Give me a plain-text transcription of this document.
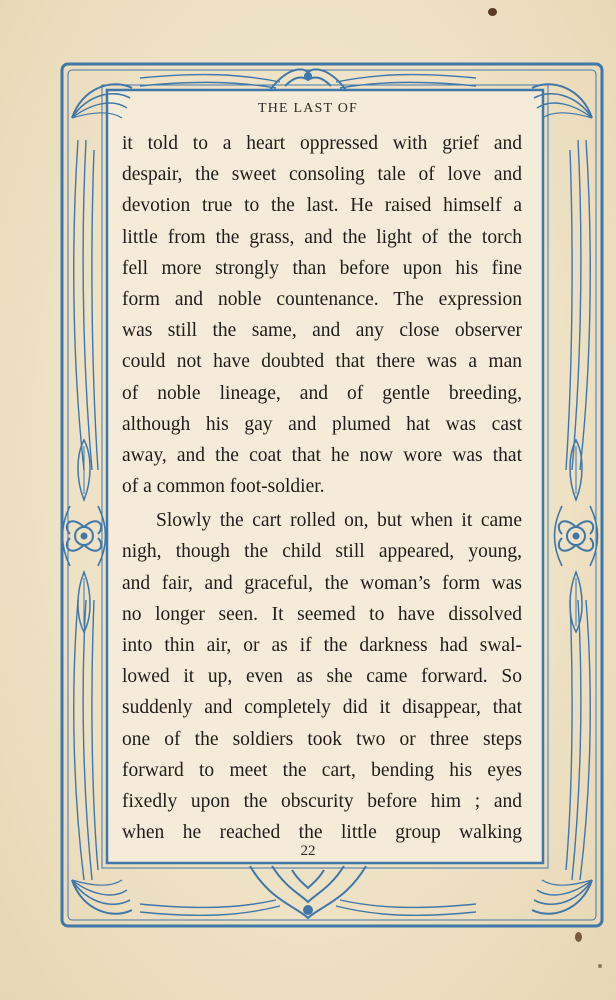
THE LAST OF
it told to a heart oppressed with grief and
despair, the sweet consoling tale of love and
devotion true to the last. He raised himself a
little from the grass, and the light of the torch
fell more strongly than before upon his fine
form and noble countenance. The expression
was still the same, and any close observer
could not have doubted that there was a man
of noble lineage, and of gentle breeding,
although his gay and plumed hat was cast
away, and the coat that he now wore was that
of a common foot-soldier.
Slowly the cart rolled on, but when it came
nigh, though the child still appeared, young,
and fair, and graceful, the woman’s form was
no longer seen. It seemed to have dissolved
into thin air, or as if the darkness had swal-
lowed it up, even as she came forward. So
suddenly and completely did it disappear, that
one of the soldiers took two or three steps
forward to meet the cart, bending his eyes
fixedly upon the obscurity before him ; and
when he reached the little group walking
22
